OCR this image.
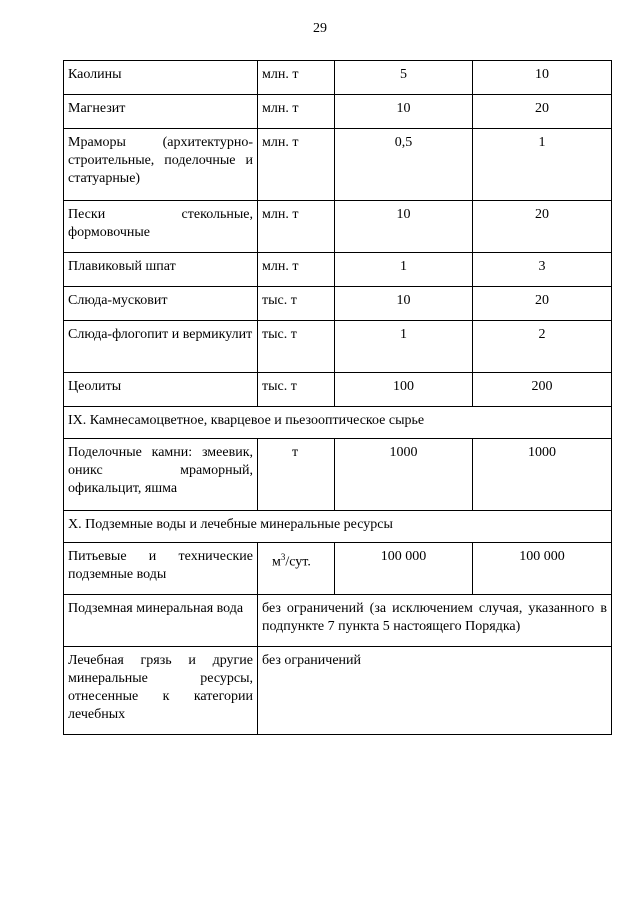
29
Каолины	млн. т	5	10
Магнезит	млн. т	10	20
Мраморы (архитектурно-строительные, поделочные и статуарные)	млн. т	0,5	1
Пески стекольные, формовочные	млн. т	10	20
Плавиковый шпат	млн. т	1	3
Слюда-мусковит	тыс. т	10	20
Слюда-флогопит и вермикулит	тыс. т	1	2
Цеолиты	тыс. т	100	200
IX. Камнесамоцветное, кварцевое и пьезооптическое сырье			
Поделочные камни: змеевик, оникс мраморный, офикальцит, яшма	т	1000	1000
X. Подземные воды и лечебные минеральные ресурсы			
Питьевые и технические подземные воды	$м^3$/сут.	100 000	100 000
Подземная минеральная вода	без ограничений (за исключением случая, указанного в подпункте 7 пункта 5 настоящего Порядка)		
Лечебная грязь и другие минеральные ресурсы, отнесенные к категории лечебных	без ограничений		
